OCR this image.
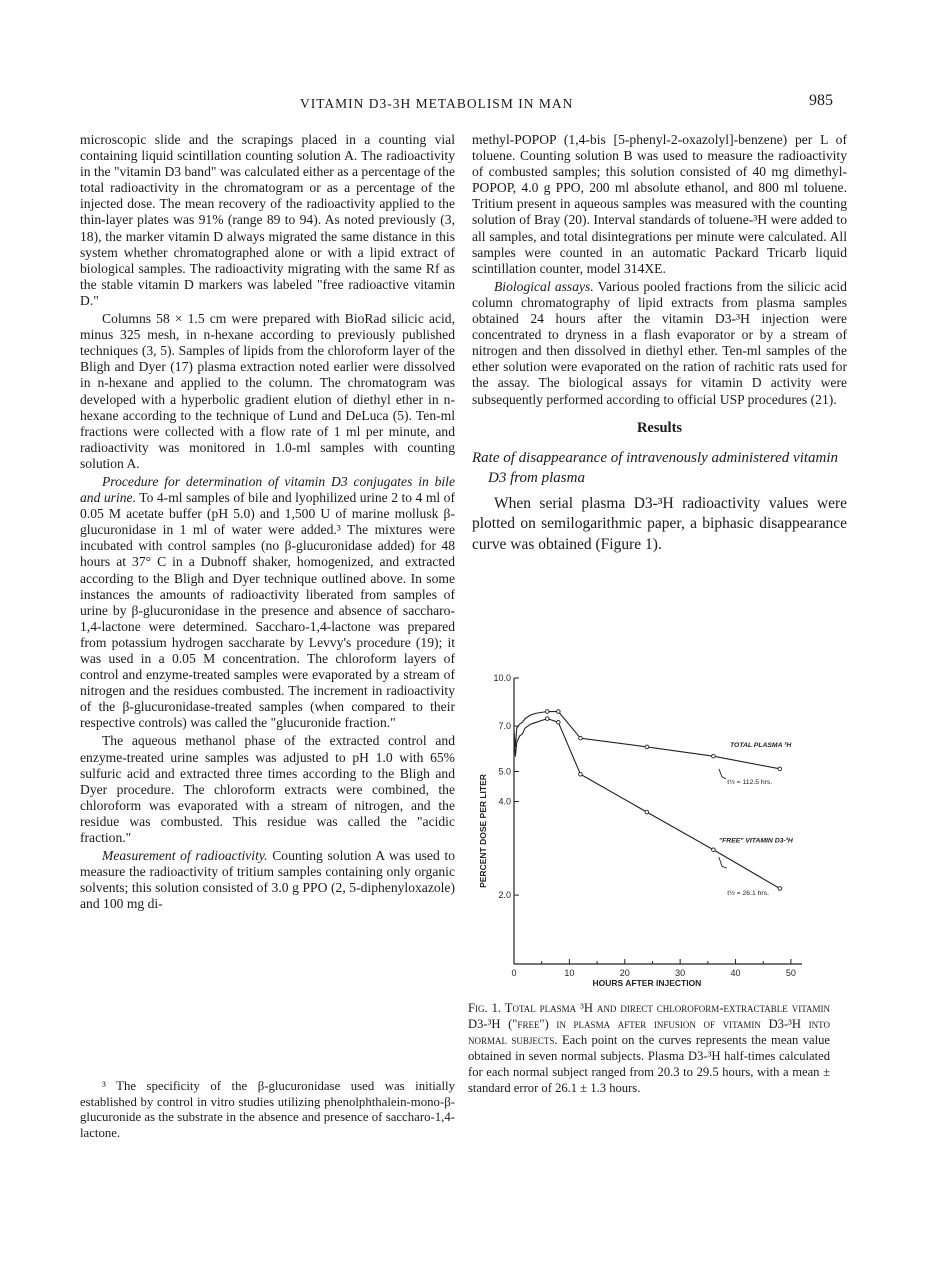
VITAMIN D3-3H METABOLISM IN MAN	985

microscopic slide and the scrapings placed in a counting vial containing liquid scintillation counting solution A. The radioactivity in the "vitamin D3 band" was calculated either as a percentage of the total radioactivity in the chromatogram or as a percentage of the injected dose. The mean recovery of the radioactivity applied to the thin-layer plates was 91% (range 89 to 94). As noted previously (3, 18), the marker vitamin D always migrated the same distance in this system whether chromatographed alone or with a lipid extract of biological samples. The radioactivity migrating with the same Rf as the stable vitamin D markers was labeled "free radioactive vitamin D."

Columns 58 × 1.5 cm were prepared with BioRad silicic acid, minus 325 mesh, in n-hexane according to previously published techniques (3, 5). Samples of lipids from the chloroform layer of the Bligh and Dyer (17) plasma extraction noted earlier were dissolved in n-hexane and applied to the column. The chromatogram was developed with a hyperbolic gradient elution of diethyl ether in n-hexane according to the technique of Lund and DeLuca (5). Ten-ml fractions were collected with a flow rate of 1 ml per minute, and radioactivity was monitored in 1.0-ml samples with counting solution A.

Procedure for determination of vitamin D3 conjugates in bile and urine. To 4-ml samples of bile and lyophilized urine 2 to 4 ml of 0.05 M acetate buffer (pH 5.0) and 1,500 U of marine mollusk β-glucuronidase in 1 ml of water were added.³ The mixtures were incubated with control samples (no β-glucuronidase added) for 48 hours at 37° C in a Dubnoff shaker, homogenized, and extracted according to the Bligh and Dyer technique outlined above. In some instances the amounts of radioactivity liberated from samples of urine by β-glucuronidase in the presence and absence of saccharo-1,4-lactone were determined. Saccharo-1,4-lactone was prepared from potassium hydrogen saccharate by Levvy's procedure (19); it was used in a 0.05 M concentration. The chloroform layers of control and enzyme-treated samples were evaporated by a stream of nitrogen and the residues combusted. The increment in radioactivity of the β-glucuronidase-treated samples (when compared to their respective controls) was called the "glucuronide fraction."

The aqueous methanol phase of the extracted control and enzyme-treated urine samples was adjusted to pH 1.0 with 65% sulfuric acid and extracted three times according to the Bligh and Dyer procedure. The chloroform extracts were combined, the chloroform was evaporated with a stream of nitrogen, and the residue was combusted. This residue was called the "acidic fraction."

Measurement of radioactivity. Counting solution A was used to measure the radioactivity of tritium samples containing only organic solvents; this solution consisted of 3.0 g PPO (2, 5-diphenyloxazole) and 100 mg di-

³ The specificity of the β-glucuronidase used was initially established by control in vitro studies utilizing phenolphthalein-mono-β-glucuronide as the substrate in the absence and presence of saccharo-1,4-lactone.

methyl-POPOP (1,4-bis [5-phenyl-2-oxazolyl]-benzene) per L of toluene. Counting solution B was used to measure the radioactivity of combusted samples; this solution consisted of 40 mg dimethyl-POPOP, 4.0 g PPO, 200 ml absolute ethanol, and 800 ml toluene. Tritium present in aqueous samples was measured with the counting solution of Bray (20). Interval standards of toluene-³H were added to all samples, and total disintegrations per minute were calculated. All samples were counted in an automatic Packard Tricarb liquid scintillation counter, model 314XE.

Biological assays. Various pooled fractions from the silicic acid column chromatography of lipid extracts from plasma samples obtained 24 hours after the vitamin D3-³H injection were concentrated to dryness in a flash evaporator or by a stream of nitrogen and then dissolved in diethyl ether. Ten-ml samples of the ether solution were evaporated on the ration of rachitic rats used for the assay. The biological assays for vitamin D activity were subsequently performed according to official USP procedures (21).

Results
Rate of disappearance of intravenously administered vitamin D3 from plasma

When serial plasma D3-³H radioactivity values were plotted on semilogarithmic paper, a biphasic disappearance curve was obtained (Figure 1).

0	10	20	30	40	50
HOURS AFTER INJECTION
10.0
7.0
5.0
4.0
2.0
PERCENT DOSE PER LITER
TOTAL PLASMA ³H
t½ = 112.5 hrs.
"FREE" VITAMIN D3-³H
t½ = 26.1 hrs.
Fig. 1. Total plasma ³H and direct chloroform-extractable vitamin D3-³H ("free") in plasma after infusion of vitamin D3-³H into normal subjects. Each point on the curves represents the mean value obtained in seven normal subjects. Plasma D3-³H half-times calculated for each normal subject ranged from 20.3 to 29.5 hours, with a mean ± standard error of 26.1 ± 1.3 hours.
